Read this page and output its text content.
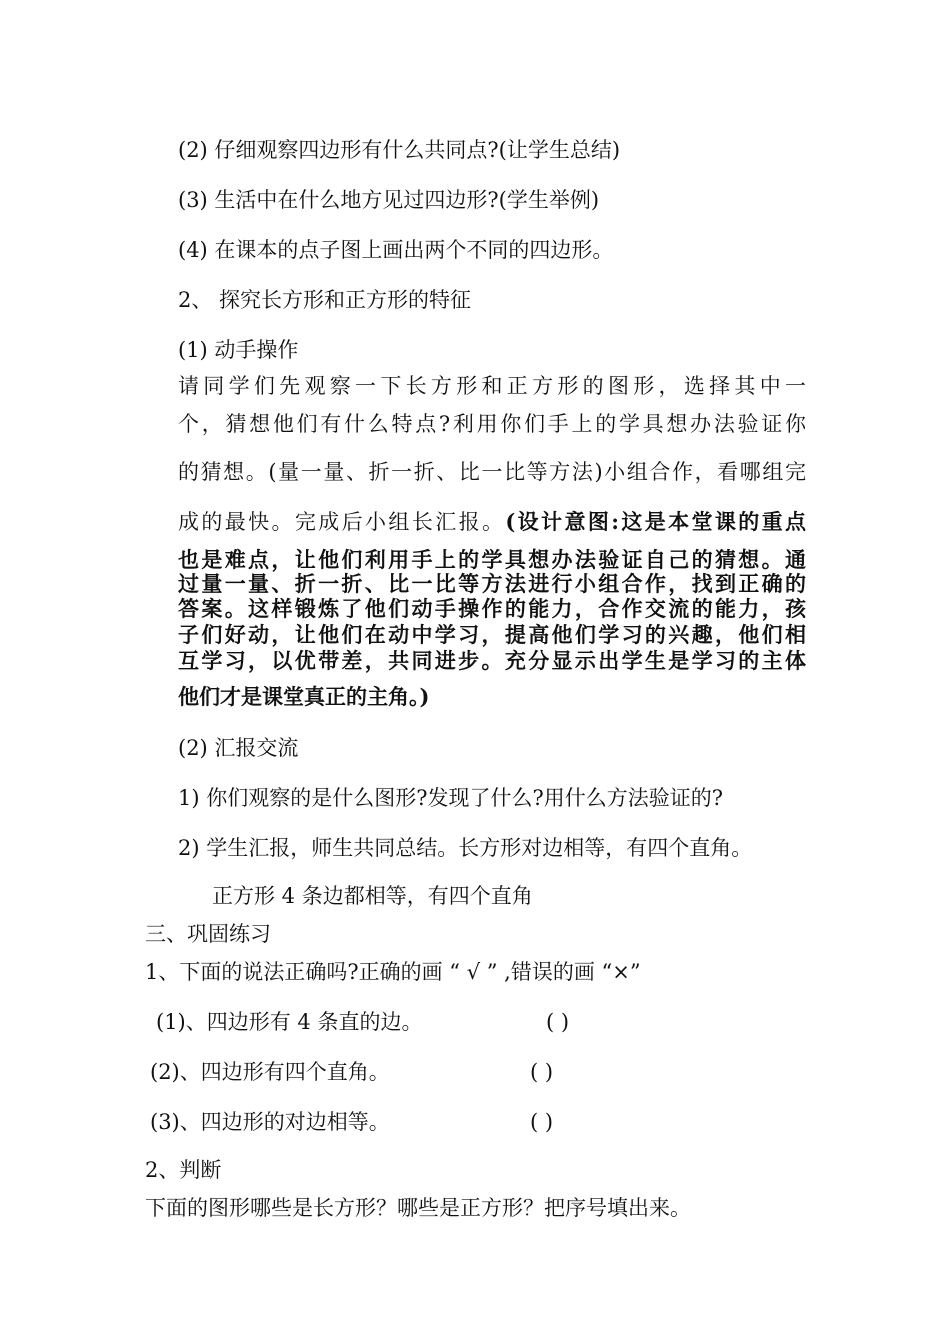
(2) 仔细观察四边形有什么共同点?(让学生总结)
(3) 生活中在什么地方见过四边形?(学生举例)
(4) 在课本的点子图上画出两个不同的四边形。
2、 探究长方形和正方形的特征
(1) 动手操作
请同学们先观察一下长方形和正方形的图形，选择其中一
个，猜想他们有什么特点?利用你们手上的学具想办法验证你
的猜想。(量一量、折一折、比一比等方法)小组合作，看哪组完
成的最快。完成后小组长汇报。(设计意图:这是本堂课的重点
也是难点，让他们利用手上的学具想办法验证自己的猜想。通
过量一量、折一折、比一比等方法进行小组合作，找到正确的
答案。这样锻炼了他们动手操作的能力，合作交流的能力，孩
子们好动，让他们在动中学习，提高他们学习的兴趣，他们相
互学习，以优带差，共同进步。充分显示出学生是学习的主体
他们才是课堂真正的主角。)
(2) 汇报交流
1) 你们观察的是什么图形?发现了什么?用什么方法验证的?
2) 学生汇报，师生共同总结。长方形对边相等，有四个直角。
正方形 4 条边都相等，有四个直角
三、巩固练习
1、下面的说法正确吗?正确的画 “ √ ” ,错误的画 “×”
(1)、四边形有 4 条直的边。	( )
(2)、四边形有四个直角。	( )
(3)、四边形的对边相等。	( )
2、判断
下面的图形哪些是长方形？哪些是正方形？把序号填出来。
